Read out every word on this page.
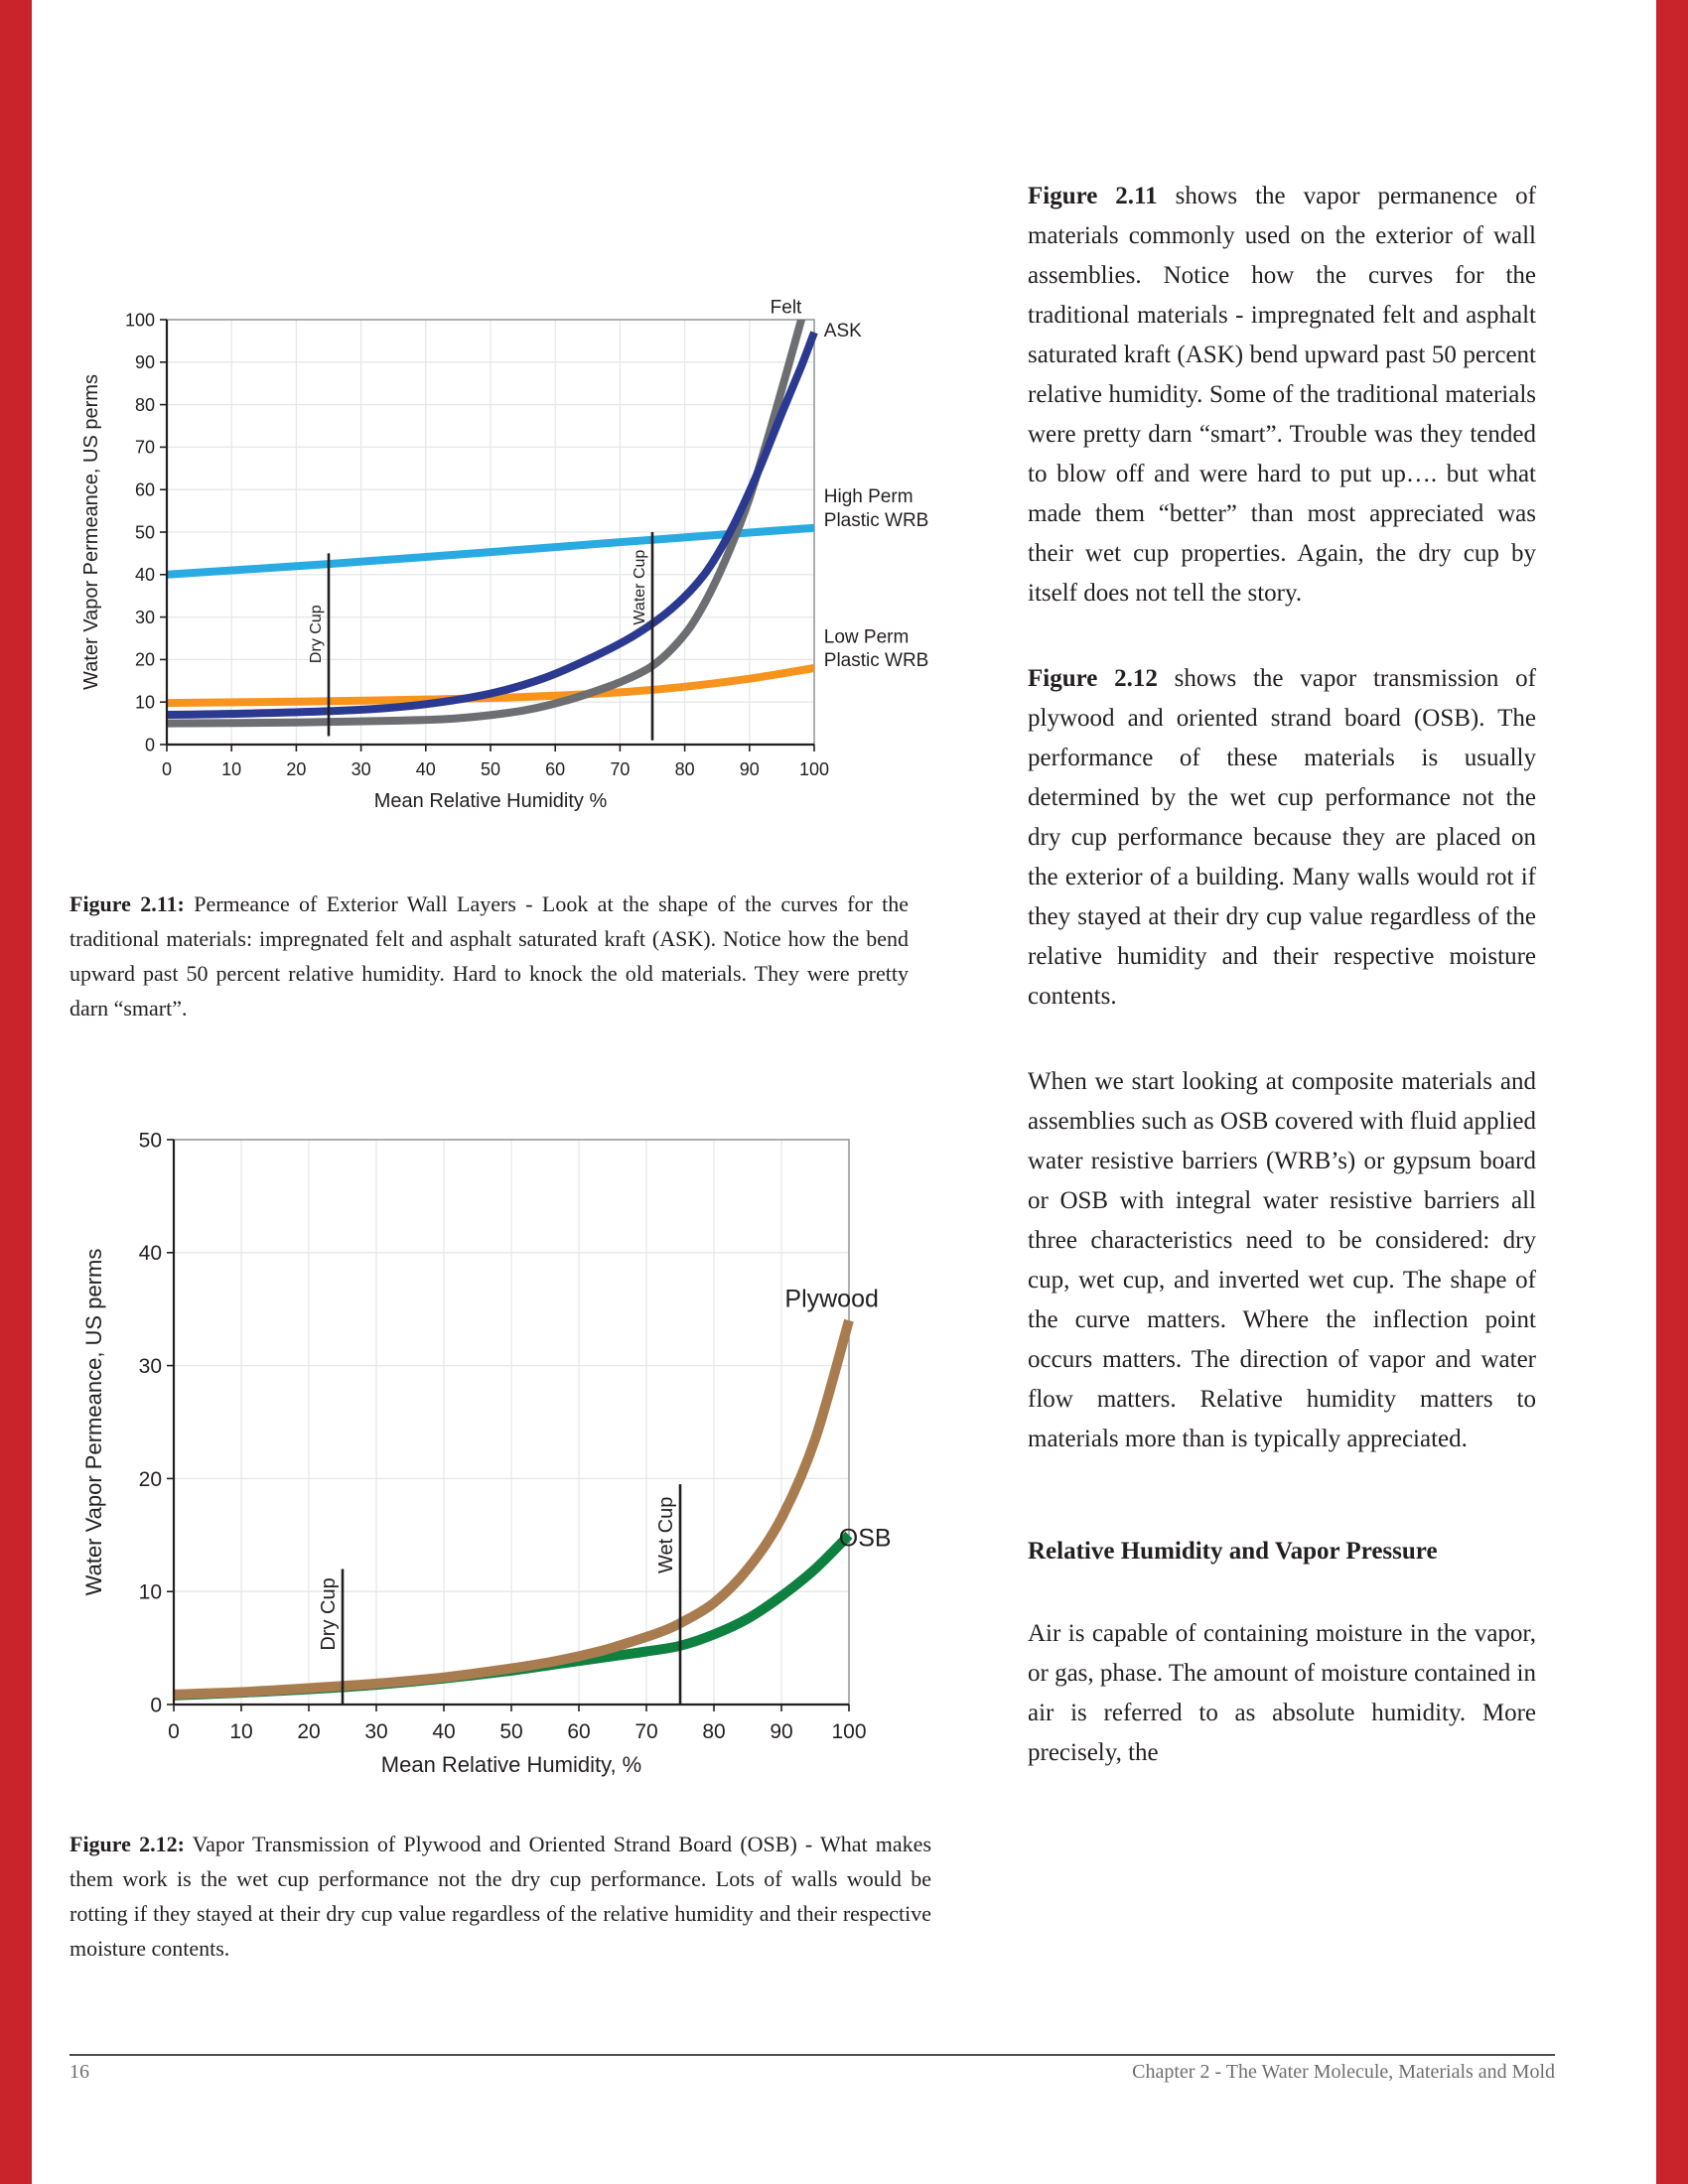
High Perm
Plastic WRB
Low Perm
Plastic WRB
Felt
ASK
Dry Cup
Water Cup
0
10
20
30
40
50
60
70
80
90
100
0	10	20	30	40	50	60	70	80	90 100
Mean Relative Humidity %
Water Vapor Permeance, US perms
Figure 2.11: Permeance of Exterior Wall Layers - Look at the shape of the curves for the traditional materials: impregnated felt and asphalt saturated kraft (ASK). Notice how the bend upward past 50 percent relative humidity. Hard to knock the old materials. They were pretty darn “smart”.
OSB
Plywood
Dry Cup
Wet Cup
0
10
20
30
40
50
0 10 20 30 40 50 60 70 80 90 100
Mean Relative Humidity, %
Water Vapor Permeance, US perms
Figure 2.12: Vapor Transmission of Plywood and Oriented Strand Board (OSB) - What makes them work is the wet cup performance not the dry cup performance. Lots of walls would be rotting if they stayed at their dry cup value regardless of the relative humidity and their respective moisture contents.

Figure 2.11 shows the vapor permanence of materials commonly used on the exterior of wall assemblies. Notice how the curves for the traditional materials - impregnated felt and asphalt saturated kraft (ASK) bend upward past 50 percent relative humidity. Some of the traditional materials were pretty darn “smart”. Trouble was they tended to blow off and were hard to put up…. but what made them “better” than most appreciated was their wet cup properties. Again, the dry cup by itself does not tell the story.

Figure 2.12 shows the vapor transmission of plywood and oriented strand board (OSB). The performance of these materials is usually determined by the wet cup performance not the dry cup performance because they are placed on the exterior of a building. Many walls would rot if they stayed at their dry cup value regardless of the relative humidity and their respective moisture contents.

When we start looking at composite materials and assemblies such as OSB covered with fluid applied water resistive barriers (WRB’s) or gypsum board or OSB with integral water resistive barriers all three characteristics need to be considered: dry cup, wet cup, and inverted wet cup. The shape of the curve matters. Where the inflection point occurs matters. The direction of vapor and water flow matters. Relative humidity matters to materials more than is typically appreciated.

Relative Humidity and Vapor Pressure

Air is capable of containing moisture in the vapor, or gas, phase. The amount of moisture contained in air is referred to as absolute humidity. More precisely, the

16	Chapter 2 - The Water Molecule, Materials and Mold
